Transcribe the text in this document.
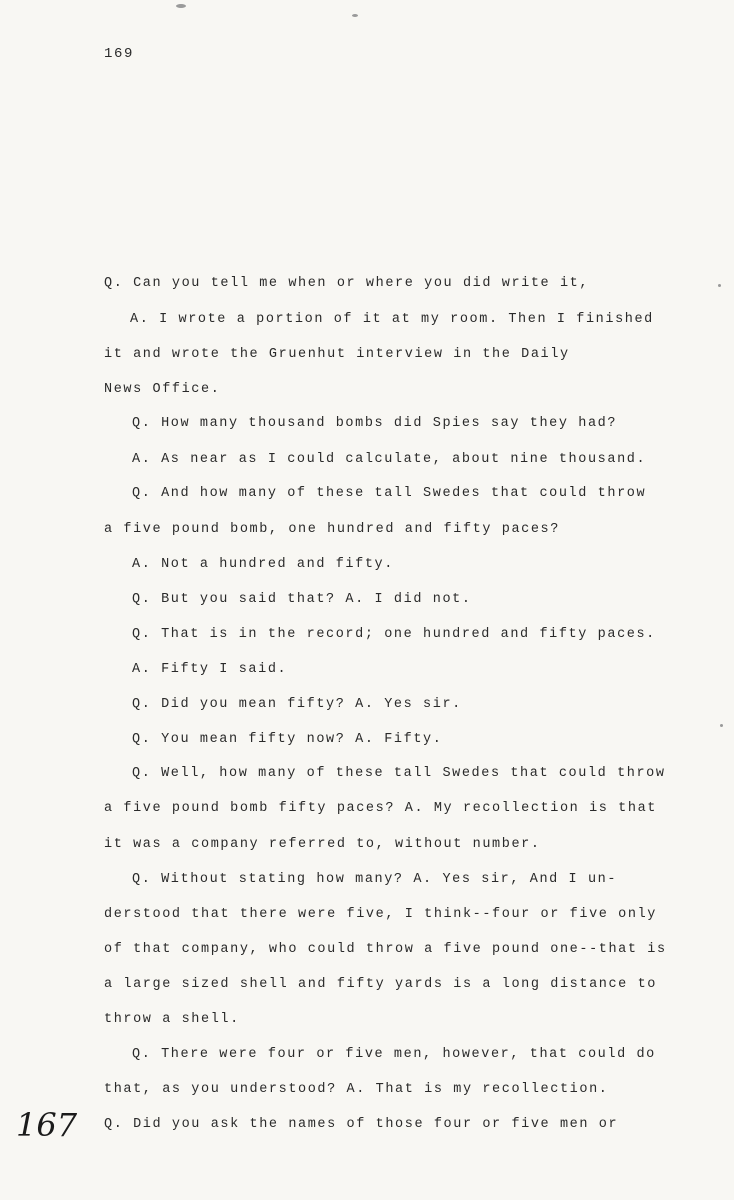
169
Q. Can you tell me when or where you did write it,
A. I wrote a portion of it at my room. Then I finished
it and wrote the Gruenhut interview in the Daily
News Office.
Q. How many thousand bombs did Spies say they had?
A. As near as I could calculate, about nine thousand.
Q. And how many of these tall Swedes that could throw
a five pound bomb, one hundred and fifty paces?
A. Not a hundred and fifty.
Q. But you said that? A. I did not.
Q. That is in the record; one hundred and fifty paces.
A. Fifty I said.
Q. Did you mean fifty? A. Yes sir.
Q. You mean fifty now? A. Fifty.
Q. Well, how many of these tall Swedes that could throw
a five pound bomb fifty paces? A. My recollection is that
it was a company referred to, without number.
Q. Without stating how many? A. Yes sir, And I un-
derstood that there were five, I think--four or five only
of that company, who could throw a five pound one--that is
a large sized shell and fifty yards is a long distance to
throw a shell.
Q. There were four or five men, however, that could do
that, as you understood? A. That is my recollection.
Q. Did you ask the names of those four or five men or
167
